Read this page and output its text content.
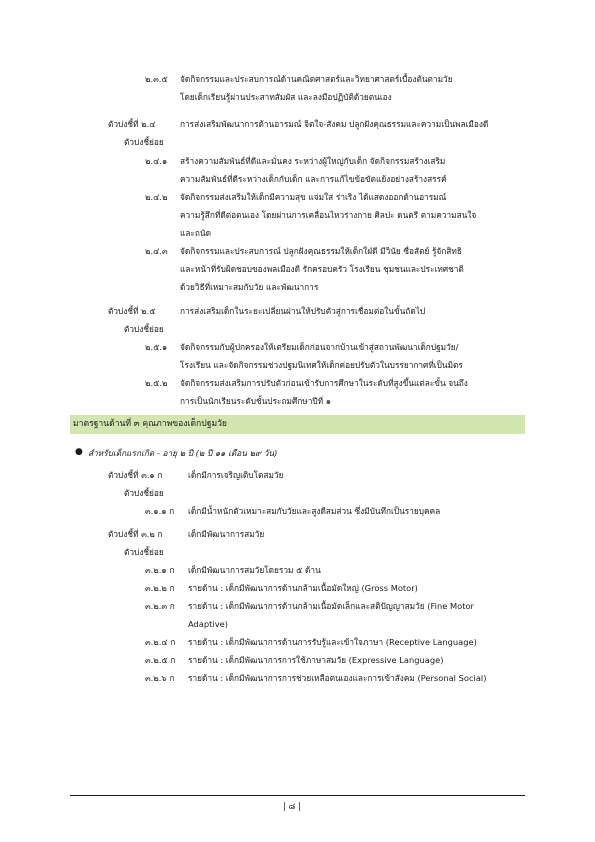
๒.๓.๕ จัดกิจกรรมและประสบการณ์ด้านคณิตศาสตร์และวิทยาศาสตร์เบื้องต้นตามวัย
โดยเด็กเรียนรู้ผ่านประสาทสัมผัส และลงมือปฏิบัติด้วยตนเอง
ตัวบ่งชี้ที่ ๒.๔	การส่งเสริมพัฒนาการด้านอารมณ์ จิตใจ-สังคม ปลูกฝังคุณธรรมและความเป็นพลเมืองดี
ตัวบ่งชี้ย่อย
๒.๔.๑ สร้างความสัมพันธ์ที่ดีและมั่นคง ระหว่างผู้ใหญ่กับเด็ก จัดกิจกรรมสร้างเสริม
ความสัมพันธ์ที่ดีระหว่างเด็กกับเด็ก และการแก้ไขข้อขัดแย้งอย่างสร้างสรรค์
๒.๔.๒ จัดกิจกรรมส่งเสริมให้เด็กมีความสุข แจ่มใส ร่าเริง ได้แสดงออกด้านอารมณ์
ความรู้สึกที่ดีต่อตนเอง โดยผ่านการเคลื่อนไหวร่างกาย ศิลปะ ดนตรี ตามความสนใจ
และถนัด
๒.๔.๓ จัดกิจกรรมและประสบการณ์ ปลูกฝังคุณธรรมให้เด็กใฝ่ดี มีวินัย ซื่อสัตย์ รู้จักสิทธิ
และหน้าที่รับผิดชอบของพลเมืองดี รักครอบครัว โรงเรียน ชุมชนและประเทศชาติ
ด้วยวิธีที่เหมาะสมกับวัย และพัฒนาการ
ตัวบ่งชี้ที่ ๒.๕	การส่งเสริมเด็กในระยะเปลี่ยนผ่านให้ปรับตัวสู่การเชื่อมต่อในขั้นถัดไป
ตัวบ่งชี้ย่อย
๒.๕.๑ จัดกิจกรรมกับผู้ปกครองให้เตรียมเด็กก่อนจากบ้านเข้าสู่สถานพัฒนาเด็กปฐมวัย/
โรงเรียน และจัดกิจกรรมช่วงปฐมนิเทศให้เด็กค่อยปรับตัวในบรรยากาศที่เป็นมิตร
๒.๕.๒ จัดกิจกรรมส่งเสริมการปรับตัวก่อนเข้ารับการศึกษาในระดับที่สูงขึ้นแต่ละขั้น จนถึง
การเป็นนักเรียนระดับชั้นประถมศึกษาปีที่ ๑
มาตรฐานด้านที่ ๓ คุณภาพของเด็กปฐมวัย
● สำหรับเด็กแรกเกิด - อายุ ๒ ปี (๒ ปี ๑๑ เดือน ๒๙ วัน)
ตัวบ่งชี้ที่ ๓.๑ ก	เด็กมีการเจริญเติบโตสมวัย
ตัวบ่งชี้ย่อย
๓.๑.๑ ก เด็กมีน้ำหนักตัวเหมาะสมกับวัยและสูงดีสมส่วน ซึ่งมีบันทึกเป็นรายบุคคล
ตัวบ่งชี้ที่ ๓.๒ ก	เด็กมีพัฒนาการสมวัย
ตัวบ่งชี้ย่อย
๓.๒.๑ ก เด็กมีพัฒนาการสมวัยโดยรวม ๕ ด้าน
๓.๒.๒ ก รายด้าน : เด็กมีพัฒนาการด้านกล้ามเนื้อมัดใหญ่ (Gross Motor)
๓.๒.๓ ก รายด้าน : เด็กมีพัฒนาการด้านกล้ามเนื้อมัดเล็กและสติปัญญาสมวัย (Fine Motor
Adaptive)
๓.๒.๔ ก รายด้าน : เด็กมีพัฒนาการด้านการรับรู้และเข้าใจภาษา (Receptive Language)
๓.๒.๕ ก รายด้าน : เด็กมีพัฒนาการการใช้ภาษาสมวัย (Expressive Language)
๓.๒.๖ ก รายด้าน : เด็กมีพัฒนาการการช่วยเหลือตนเองและการเข้าสังคม (Personal Social)
| ๘ |
